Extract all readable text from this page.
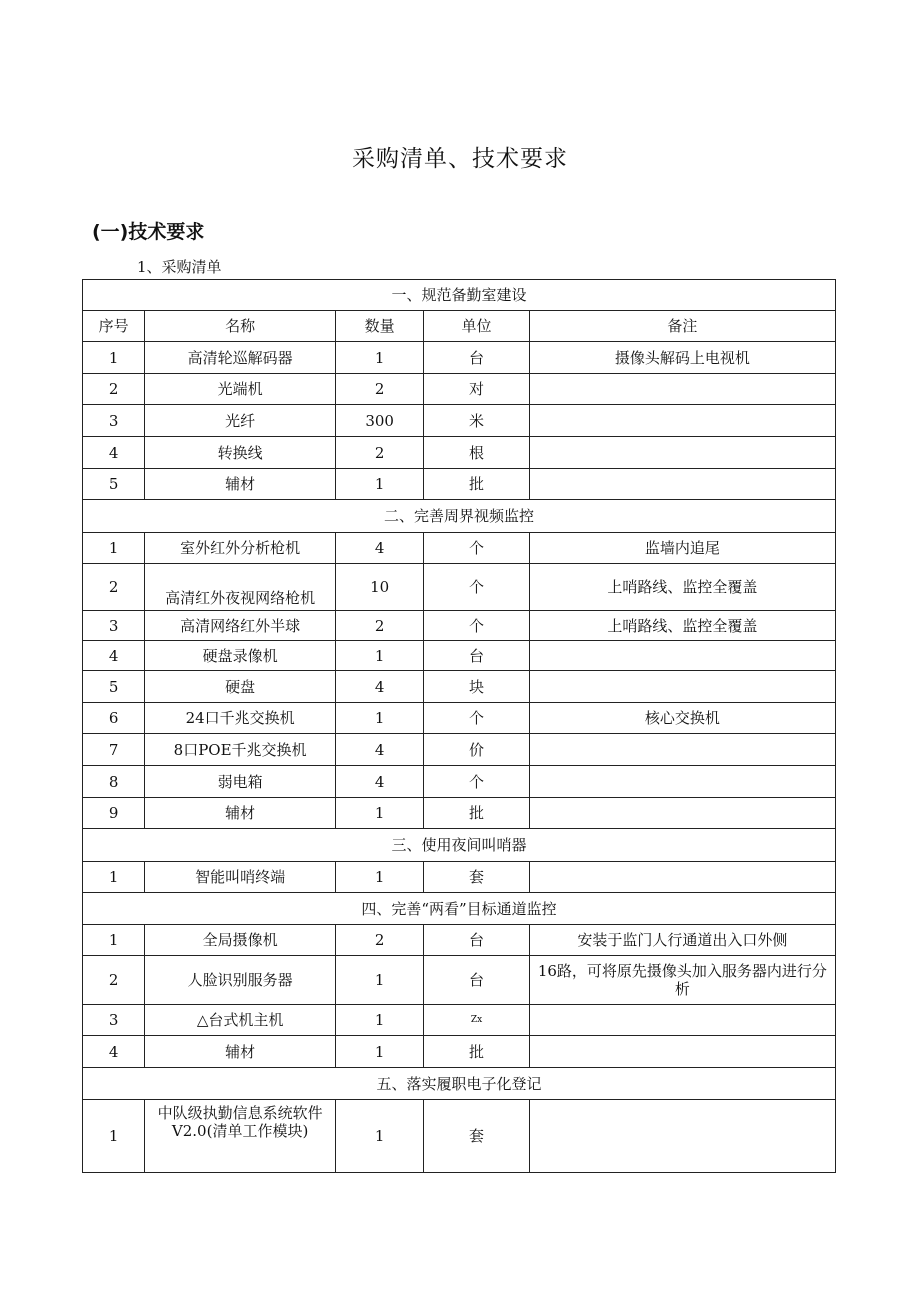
采购清单、技术要求
(一)技术要求
1、采购清单
一、规范备勤室建设				
序号	名称	数量	单位	备注
1	高清轮巡解码器	1	台	摄像头解码上电视机
2	光端机	2	对	
3	光纤	300	米	
4	转换线	2	根	
5	辅材	1	批	
二、完善周界视频监控				
1	室外红外分析枪机	4	个	监墙内追尾
2	高清红外夜视网络枪机	10	个	上哨路线、监控全覆盖
3	高清网络红外半球	2	个	上哨路线、监控全覆盖
4	硬盘录像机	1	台	
5	硬盘	4	块	
6	24口千兆交换机	1	个	核心交换机
7	8口POE千兆交换机	4	价	
8	弱电箱	4	个	
9	辅材	1	批	
三、使用夜间叫哨器				
1	智能叫哨终端	1	套	
四、完善“两看”目标通道监控				
1	全局摄像机	2	台	安装于监门人行通道出入口外侧
2	人脸识别服务器	1	台	16路，可将原先摄像头加入服务器内进行分析
3	△台式机主机	1	Zx	
4	辅材	1	批	
五、落实履职电子化登记				
1	中队级执勤信息系统软件V2.0(清单工作模块)	1	套	
